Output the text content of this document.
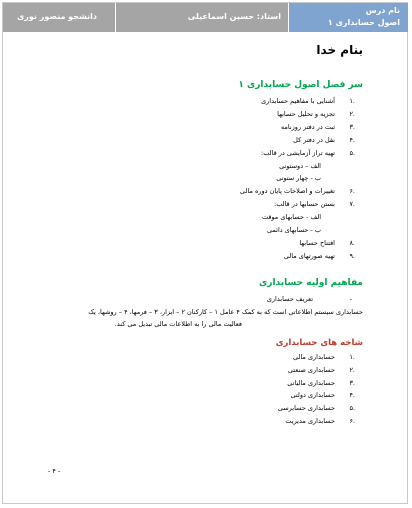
دانشجو منصور نوری	استاد: حسین اسماعیلی
نام درس
اصول حسابداری ۱
بنام خدا
سر فصل اصول حسابداری ۱
۱.
آشنایی با مفاهیم حسابداری
۲.
تجزیه و تحلیل حسابها
۳.
ثبت در دفتر روزنامه
۴.
نقل در دفتر کل
۵.
تهیه تراز آزمایشی در قالب:
الف – دوستونی
ب - چهار ستونی
۶.
تغییرات و اصلاحات پایان دوره مالی
۷.
بستن حسابها در قالب:
الف - حسابهای موقت
ب - حسابهای دائمی
۸.
افتتاح حسابها
۹.
تهیه صورتهای مالی
مفاهیم اولیه حسابداری
-
تعریف حسابداری
حسابداری سیستم اطلاعاتی است که به کمک ۴ عامل ۱ – کارکنان ۲ – ابزار، ۳ – فرمها، ۴ – روشها، یک
فعالیت مالی را به اطلاعات مالی تبدیل می کند.
شاخه های حسابداری
۱.
حسابداری مالی
۲.
حسابداری صنعتی
۳.
حسابداری مالیاتی
۴.
حسابداری دولتی
۵.
حسابداری حسابرسی
۶.
حسابداری مدیریت
- ۴ -
